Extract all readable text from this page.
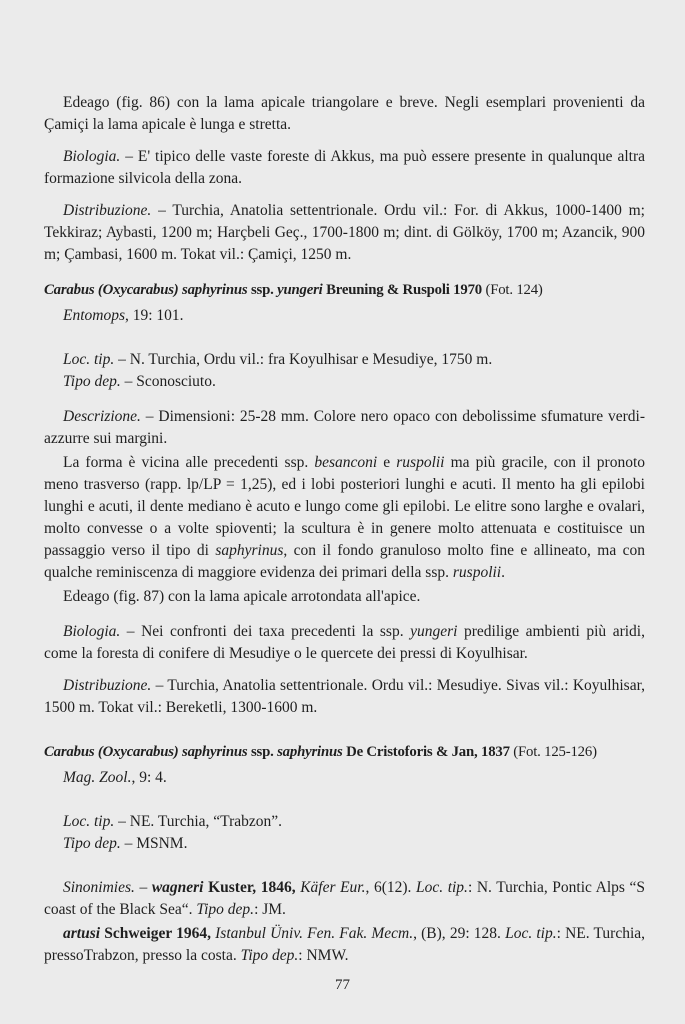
Edeago (fig. 86) con la lama apicale triangolare e breve. Negli esemplari provenienti da Çamiçi la lama apicale è lunga e stretta.

Biologia. – E' tipico delle vaste foreste di Akkus, ma può essere presente in qualunque altra formazione silvicola della zona.

Distribuzione. – Turchia, Anatolia settentrionale. Ordu vil.: For. di Akkus, 1000-1400 m; Tekkiraz; Aybasti, 1200 m; Harçbeli Geç., 1700-1800 m; dint. di Gölköy, 1700 m; Azancik, 900 m; Çambasi, 1600 m. Tokat vil.: Çamiçi, 1250 m.

Carabus (Oxycarabus) saphyrinus ssp. yungeri Breuning & Ruspoli 1970 (Fot. 124)

Entomops, 19: 101.

Loc. tip. – N. Turchia, Ordu vil.: fra Koyulhisar e Mesudiye, 1750 m.

Tipo dep. – Sconosciuto.

Descrizione. – Dimensioni: 25-28 mm. Colore nero opaco con debolissime sfumature verdi-azzurre sui margini.

La forma è vicina alle precedenti ssp. besanconi e ruspolii ma più gracile, con il pronoto meno trasverso (rapp. lp/LP = 1,25), ed i lobi posteriori lunghi e acuti. Il mento ha gli epilobi lunghi e acuti, il dente mediano è acuto e lungo come gli epilobi. Le elitre sono larghe e ovalari, molto convesse o a volte spioventi; la scultura è in genere molto attenuata e costituisce un passaggio verso il tipo di saphyrinus, con il fondo granuloso molto fine e allineato, ma con qualche reminiscenza di maggiore evidenza dei primari della ssp. ruspolii.

Edeago (fig. 87) con la lama apicale arrotondata all'apice.

Biologia. – Nei confronti dei taxa precedenti la ssp. yungeri predilige ambienti più aridi, come la foresta di conifere di Mesudiye o le quercete dei pressi di Koyulhisar.

Distribuzione. – Turchia, Anatolia settentrionale. Ordu vil.: Mesudiye. Sivas vil.: Koyulhisar, 1500 m. Tokat vil.: Bereketli, 1300-1600 m.

Carabus (Oxycarabus) saphyrinus ssp. saphyrinus De Cristoforis & Jan, 1837 (Fot. 125-126)

Mag. Zool., 9: 4.

Loc. tip. – NE. Turchia, “Trabzon”.

Tipo dep. – MSNM.

Sinonimies. – wagneri Kuster, 1846, Käfer Eur., 6(12). Loc. tip.: N. Turchia, Pontic Alps “S coast of the Black Sea“. Tipo dep.: JM.

artusi Schweiger 1964, Istanbul Üniv. Fen. Fak. Mecm., (B), 29: 128. Loc. tip.: NE. Turchia, pressoTrabzon, presso la costa. Tipo dep.: NMW.

77
